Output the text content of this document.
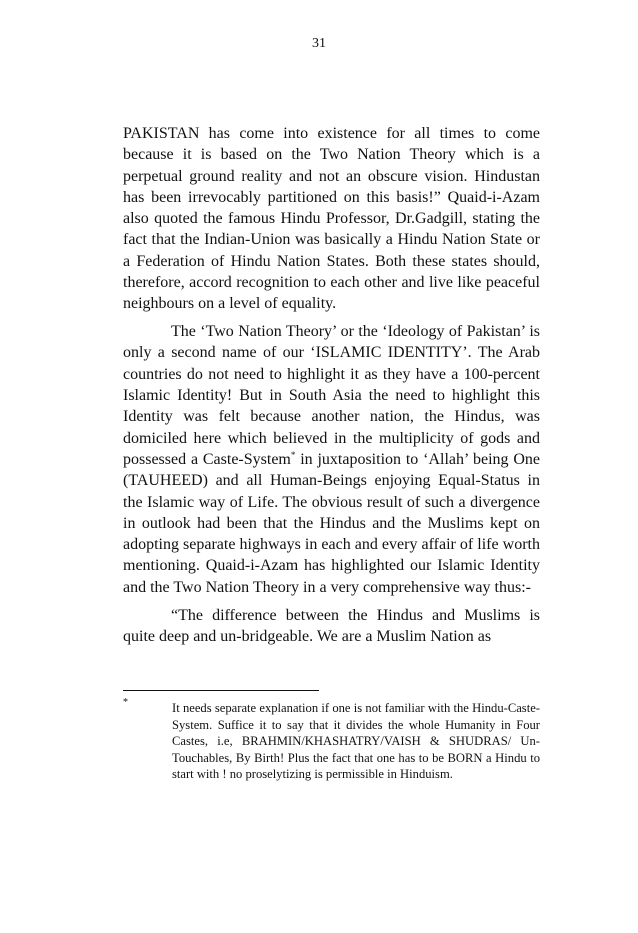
31

PAKISTAN has come into existence for all times to come because it is based on the Two Nation Theory which is a perpetual ground reality and not an obscure vision. Hindustan has been irrevocably partitioned on this basis!” Quaid-i-Azam also quoted the famous Hindu Professor, Dr.Gadgill, stating the fact that the Indian-Union was basically a Hindu Nation State or a Federation of Hindu Nation States. Both these states should, therefore, accord recognition to each other and live like peaceful neighbours on a level of equality.

The ‘Two Nation Theory’ or the ‘Ideology of Pakistan’ is only a second name of our ‘ISLAMIC IDENTITY’. The Arab countries do not need to highlight it as they have a 100-percent Islamic Identity! But in South Asia the need to highlight this Identity was felt because another nation, the Hindus, was domiciled here which believed in the multiplicity of gods and possessed a Caste-System* in juxtaposition to ‘Allah’ being One (TAUHEED) and all Human-Beings enjoying Equal-Status in the Islamic way of Life. The obvious result of such a divergence in outlook had been that the Hindus and the Muslims kept on adopting separate highways in each and every affair of life worth mentioning. Quaid-i-Azam has highlighted our Islamic Identity and the Two Nation Theory in a very comprehensive way thus:-

“The difference between the Hindus and Muslims is quite deep and un-bridgeable. We are a Muslim Nation as

*	It needs separate explanation if one is not familiar with the Hindu-Caste-System. Suffice it to say that it divides the whole Humanity in Four Castes, i.e, BRAHMIN/KHASHATRY/VAISH & SHUDRAS/ Un-Touchables, By Birth! Plus the fact that one has to be BORN a Hindu to start with ! no proselytizing is permissible in Hinduism.
